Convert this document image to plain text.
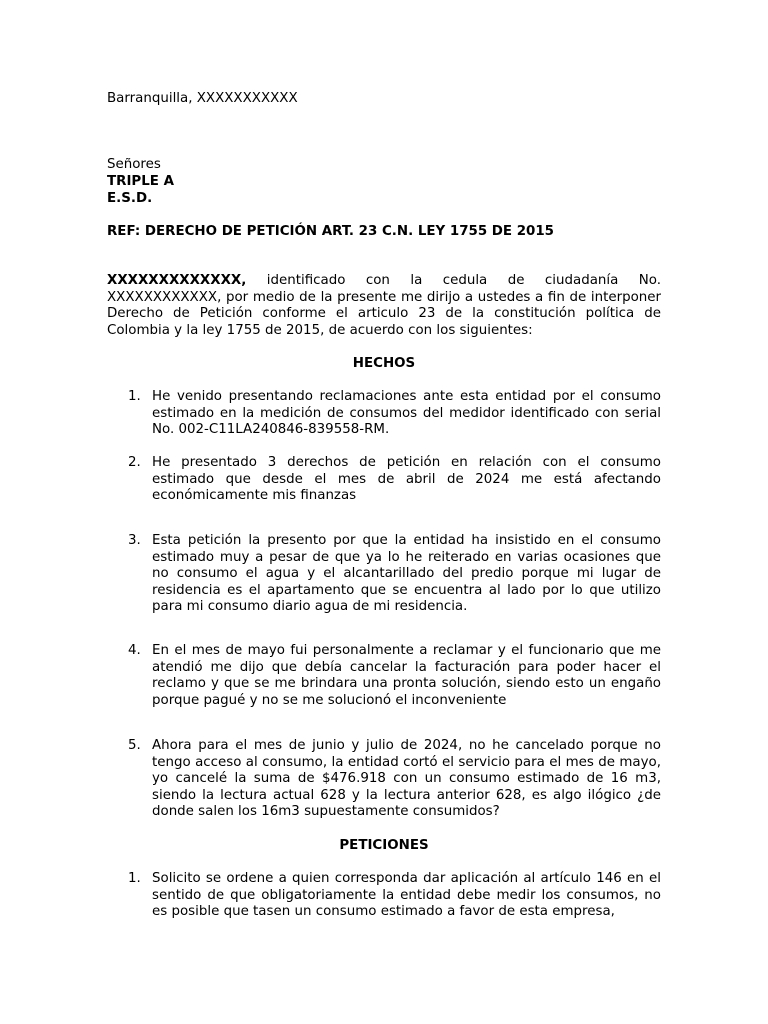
Barranquilla, XXXXXXXXXXX
Señores
TRIPLE A
E.S.D.
REF: DERECHO DE PETICIÓN ART. 23 C.N. LEY 1755 DE 2015
XXXXXXXXXXXXX, identificado con la cedula de ciudadanía No. XXXXXXXXXXXX, por medio de la presente me dirijo a ustedes a fin de interponer Derecho de Petición conforme el articulo 23 de la constitución política de Colombia y la ley 1755 de 2015, de acuerdo con los siguientes:
HECHOS
1. He venido presentando reclamaciones ante esta entidad por el consumo estimado en la medición de consumos del medidor identificado con serial No. 002-C11LA240846-839558-RM.
2. He presentado 3 derechos de petición en relación con el consumo estimado que desde el mes de abril de 2024 me está afectando económicamente mis finanzas
3. Esta petición la presento por que la entidad ha insistido en el consumo estimado muy a pesar de que ya lo he reiterado en varias ocasiones que no consumo el agua y el alcantarillado del predio porque mi lugar de residencia es el apartamento que se encuentra al lado por lo que utilizo para mi consumo diario agua de mi residencia.
4. En el mes de mayo fui personalmente a reclamar y el funcionario que me atendió me dijo que debía cancelar la facturación para poder hacer el reclamo y que se me brindara una pronta solución, siendo esto un engaño porque pagué y no se me solucionó el inconveniente
5. Ahora para el mes de junio y julio de 2024, no he cancelado porque no tengo acceso al consumo, la entidad cortó el servicio para el mes de mayo, yo cancelé la suma de $476.918 con un consumo estimado de 16 m3, siendo la lectura actual 628 y la lectura anterior 628, es algo ilógico ¿de donde salen los 16m3 supuestamente consumidos?
PETICIONES
1. Solicito se ordene a quien corresponda dar aplicación al artículo 146 en el sentido de que obligatoriamente la entidad debe medir los consumos, no es posible que tasen un consumo estimado a favor de esta empresa,
